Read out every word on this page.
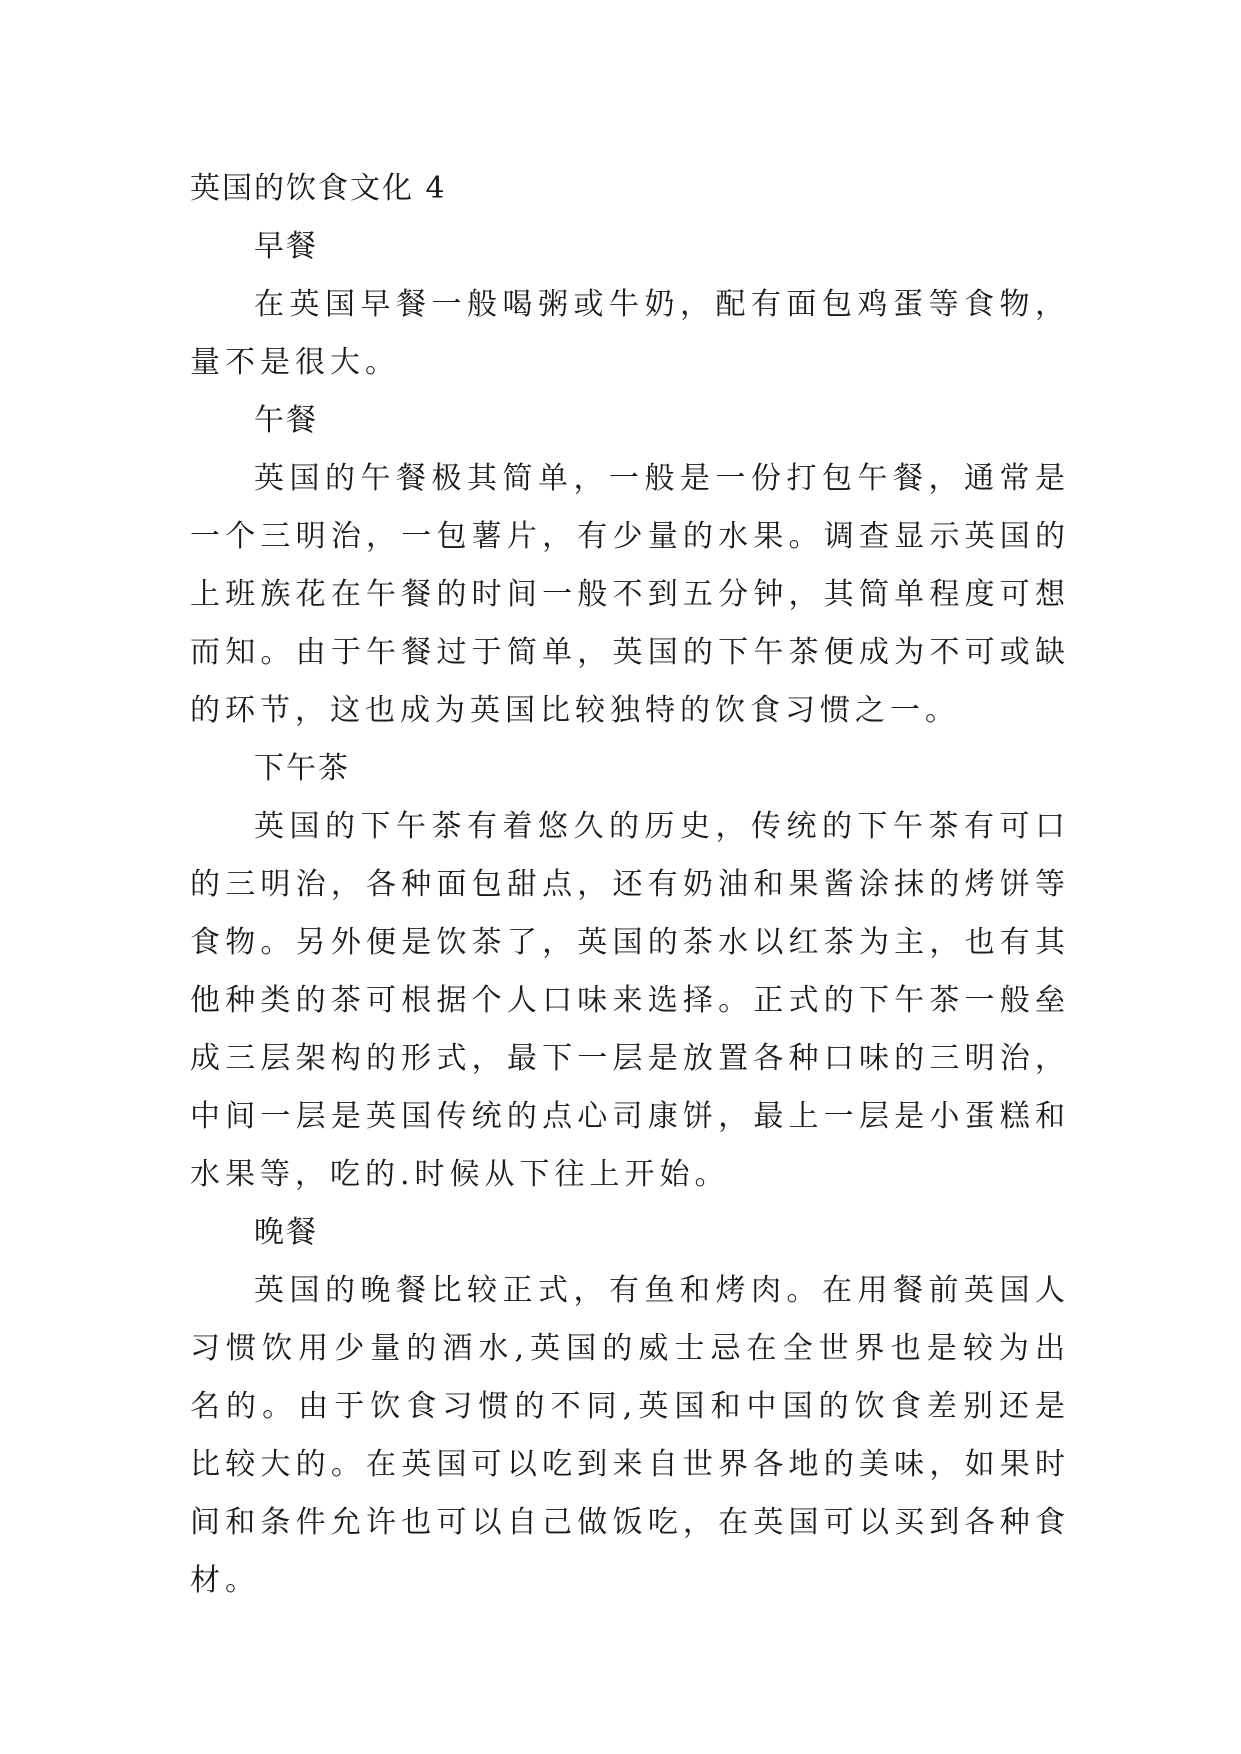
英国的饮食文化 4
早餐

在英国早餐一般喝粥或牛奶，配有面包鸡蛋等食物，量不是很大。

午餐

英国的午餐极其简单，一般是一份打包午餐，通常是一个三明治，一包薯片，有少量的水果。调查显示英国的上班族花在午餐的时间一般不到五分钟，其简单程度可想而知。由于午餐过于简单，英国的下午茶便成为不可或缺的环节，这也成为英国比较独特的饮食习惯之一。

下午茶

英国的下午茶有着悠久的历史，传统的下午茶有可口的三明治，各种面包甜点，还有奶油和果酱涂抹的烤饼等食物。另外便是饮茶了，英国的茶水以红茶为主，也有其他种类的茶可根据个人口味来选择。正式的下午茶一般垒成三层架构的形式，最下一层是放置各种口味的三明治，中间一层是英国传统的点心司康饼，最上一层是小蛋糕和水果等，吃的.时候从下往上开始。

晚餐

英国的晚餐比较正式，有鱼和烤肉。在用餐前英国人习惯饮用少量的酒水,英国的威士忌在全世界也是较为出名的。由于饮食习惯的不同,英国和中国的饮食差别还是比较大的。在英国可以吃到来自世界各地的美味，如果时间和条件允许也可以自己做饭吃，在英国可以买到各种食材。
